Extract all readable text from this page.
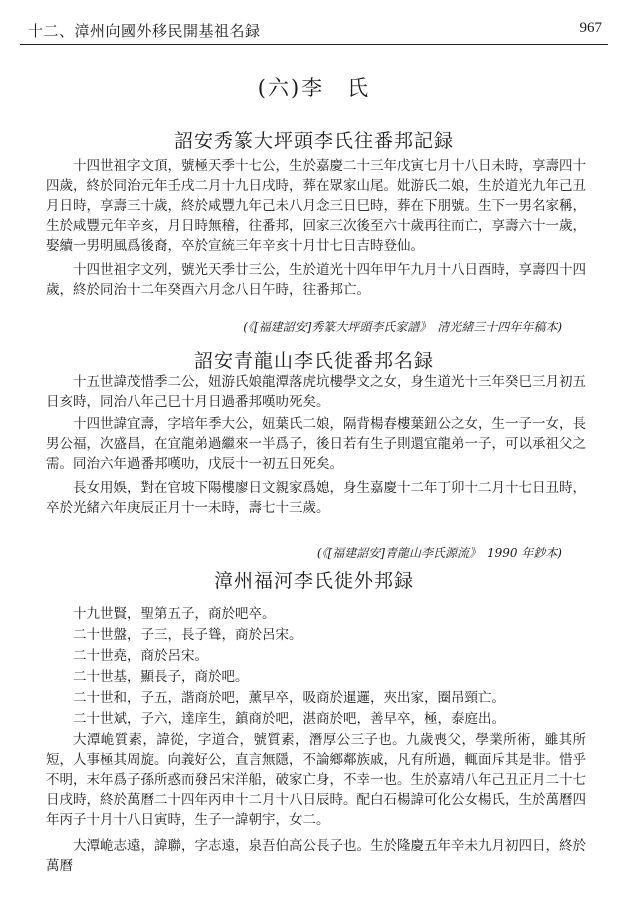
十二、漳州向國外移民開基祖名録	967
(六)李　氏
詔安秀篆大坪頭李氏往番邦記録

十四世祖字文頂，號極天季十七公，生於嘉慶二十三年戊寅七月十八日未時，享壽四十四歲，終於同治元年壬戌二月十九日戌時，葬在眾家山尾。妣游氏二娘，生於道光九年己丑月日時，享壽三十歲，終於咸豐九年己未八月念三日巳時，葬在下朋號。生下一男名家稱，生於咸豐元年辛亥，月日時無稽，往番邦，回家三次後至六十歲再往而亡，享壽六十一歲，娶續一男明風爲後裔，卒於宣統三年辛亥十月廿七日吉時登仙。

十四世祖字文列，號光天季廿三公，生於道光十四年甲午九月十八日酉時，享壽四十四歲，終於同治十二年癸酉六月念八日午時，往番邦亡。

(《[福建詔安]秀篆大坪頭李氏家譜》　清光緒三十四年年稿本)
詔安青龍山李氏徙番邦名録

十五世諱茂惜季二公，妞游氏娘龍潭落虎坑樓學文之女，身生道光十三年癸巳三月初五日亥時，同治八年己巳十月日過番邦嘆叻死矣。

十四世諱宜壽，字培年季大公，妞葉氏二娘，隔背楊春樓葉鈕公之女，生一子一女，長男公福，次盛昌，在宜龍弟過繼來一半爲子，後日若有生子則還宜龍弟一子，可以承祖父之需。同治六年過番邦嘆叻，戊辰十一初五日死矣。

長女用娛，對在官坡下陽樓廖日文親家爲媳，身生嘉慶十二年丁卯十二月十七日丑時，卒於光緒六年庚辰正月十一未時，壽七十三歲。

(《[福建詔安]青龍山李氏源流》　1990 年鈔本)
漳州福河李氏徙外邦録
十九世賢，聖第五子，商於吧卒。
二十世盤，子三，長子聳，商於呂宋。
二十世堯，商於呂宋。
二十世基，顯長子，商於吧。
二十世和，子五，諧商於吧，薰早卒，吸商於暹邏，夾出家，圈吊頸亡。
二十世斌，子六，達庠生，鎮商於吧，湛商於吧，善早卒，極，泰庭出。

大潭峗質素，諱從，字道合，號質素，潛厚公三子也。九歲喪父，學業所術，雖其所短，人事極其周旋。向義好公，直言無隱，不論鄉鄰族戚，凡有所過，輒面斥其是非。惜乎不明，末年爲子孫所惑而發呂宋洋船，破家亡身，不幸一也。生於嘉靖八年己丑正月二十七日戌時，終於萬曆二十四年丙申十二月十八日辰時。配白石楊諱可化公女楊氏，生於萬曆四年丙子十月十八日寅時，生子一諱朝宇，女二。

大潭峗志遠，諱聯，字志遠，泉吾伯高公長子也。生於隆慶五年辛未九月初四日，終於萬曆
